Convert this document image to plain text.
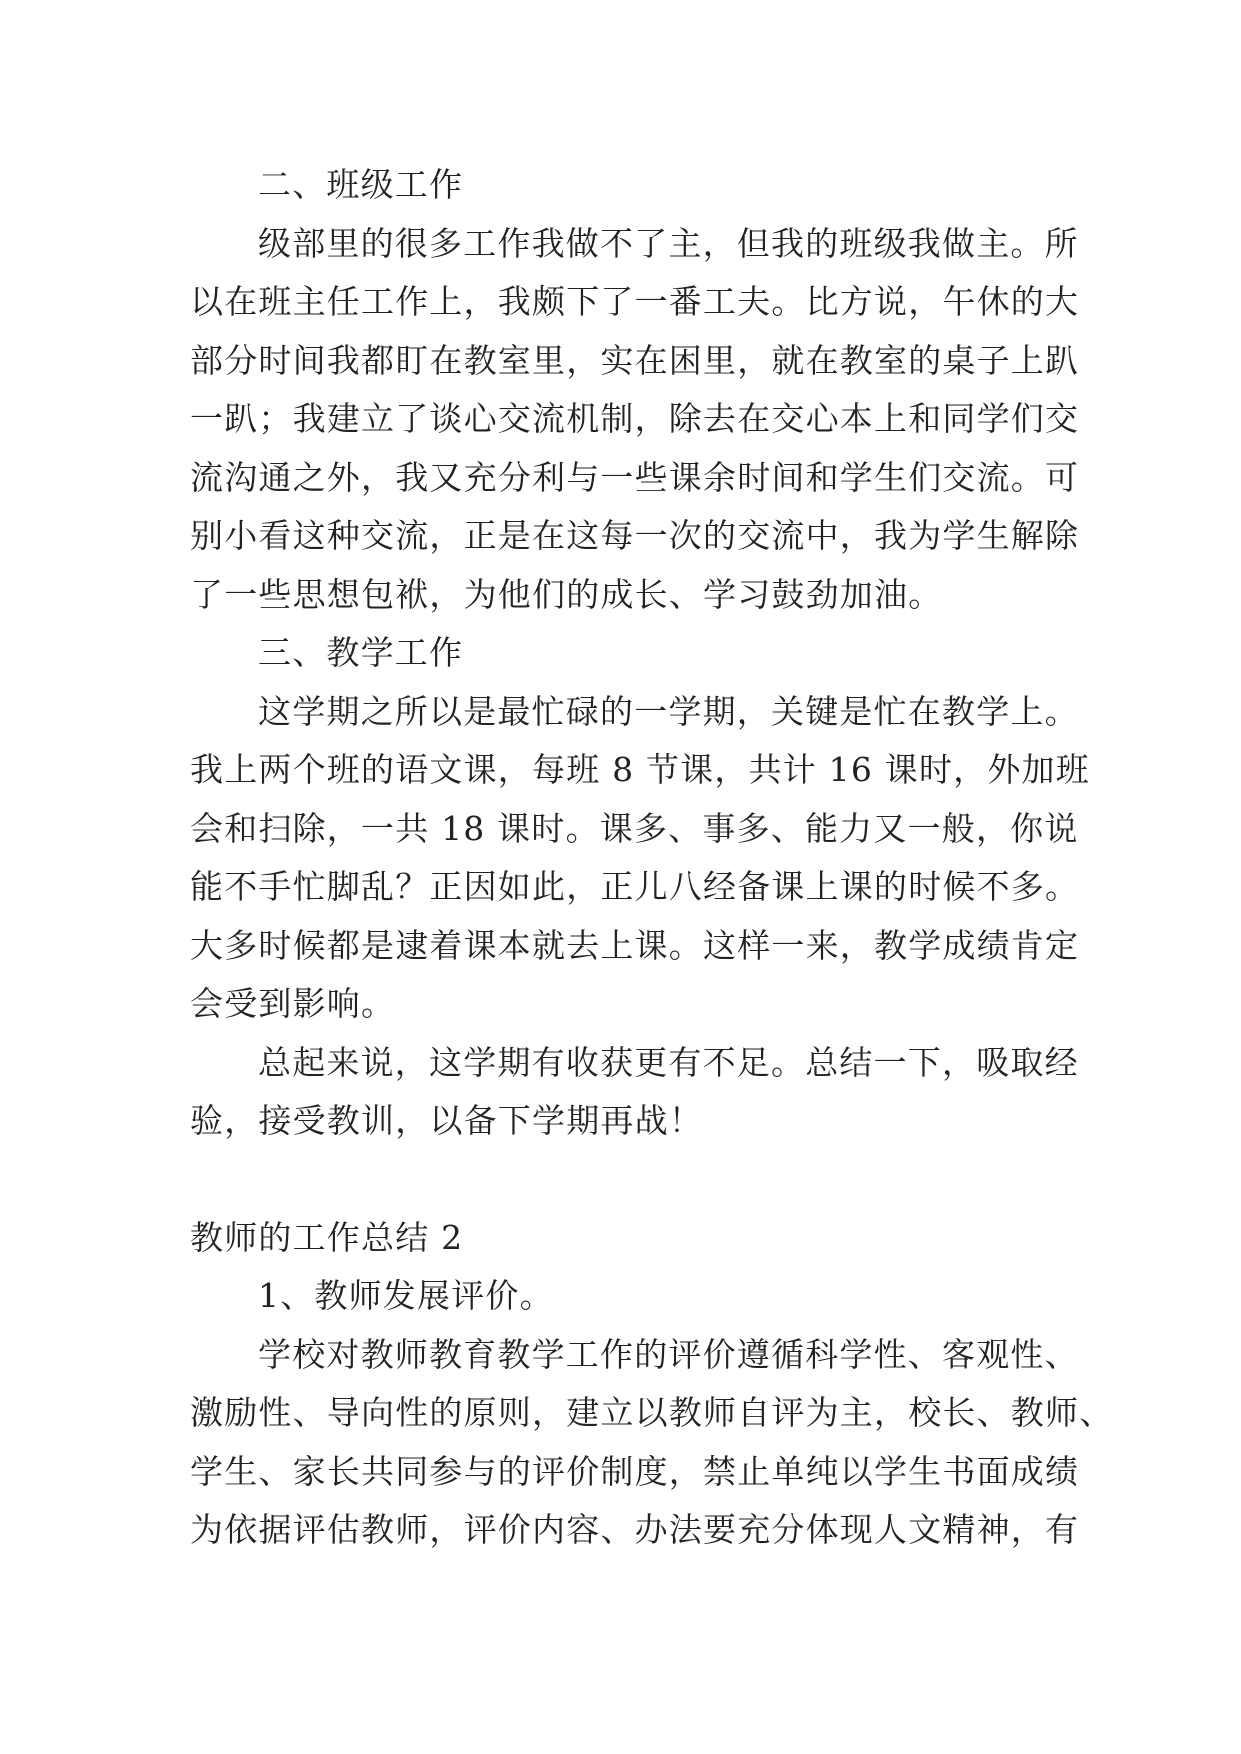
二、班级工作
级部里的很多工作我做不了主，但我的班级我做主。所
以在班主任工作上，我颇下了一番工夫。比方说，午休的大
部分时间我都盯在教室里，实在困里，就在教室的桌子上趴
一趴；我建立了谈心交流机制，除去在交心本上和同学们交
流沟通之外，我又充分利与一些课余时间和学生们交流。可
别小看这种交流，正是在这每一次的交流中，我为学生解除
了一些思想包袱，为他们的成长、学习鼓劲加油。
三、教学工作
这学期之所以是最忙碌的一学期，关键是忙在教学上。
我上两个班的语文课，每班 8 节课，共计 16 课时，外加班
会和扫除，一共 18 课时。课多、事多、能力又一般，你说
能不手忙脚乱？正因如此，正儿八经备课上课的时候不多。
大多时候都是逮着课本就去上课。这样一来，教学成绩肯定
会受到影响。
总起来说，这学期有收获更有不足。总结一下，吸取经
验，接受教训，以备下学期再战！
教师的工作总结 2
1、教师发展评价。
学校对教师教育教学工作的评价遵循科学性、客观性、
激励性、导向性的原则，建立以教师自评为主，校长、教师、
学生、家长共同参与的评价制度，禁止单纯以学生书面成绩
为依据评估教师，评价内容、办法要充分体现人文精神，有
